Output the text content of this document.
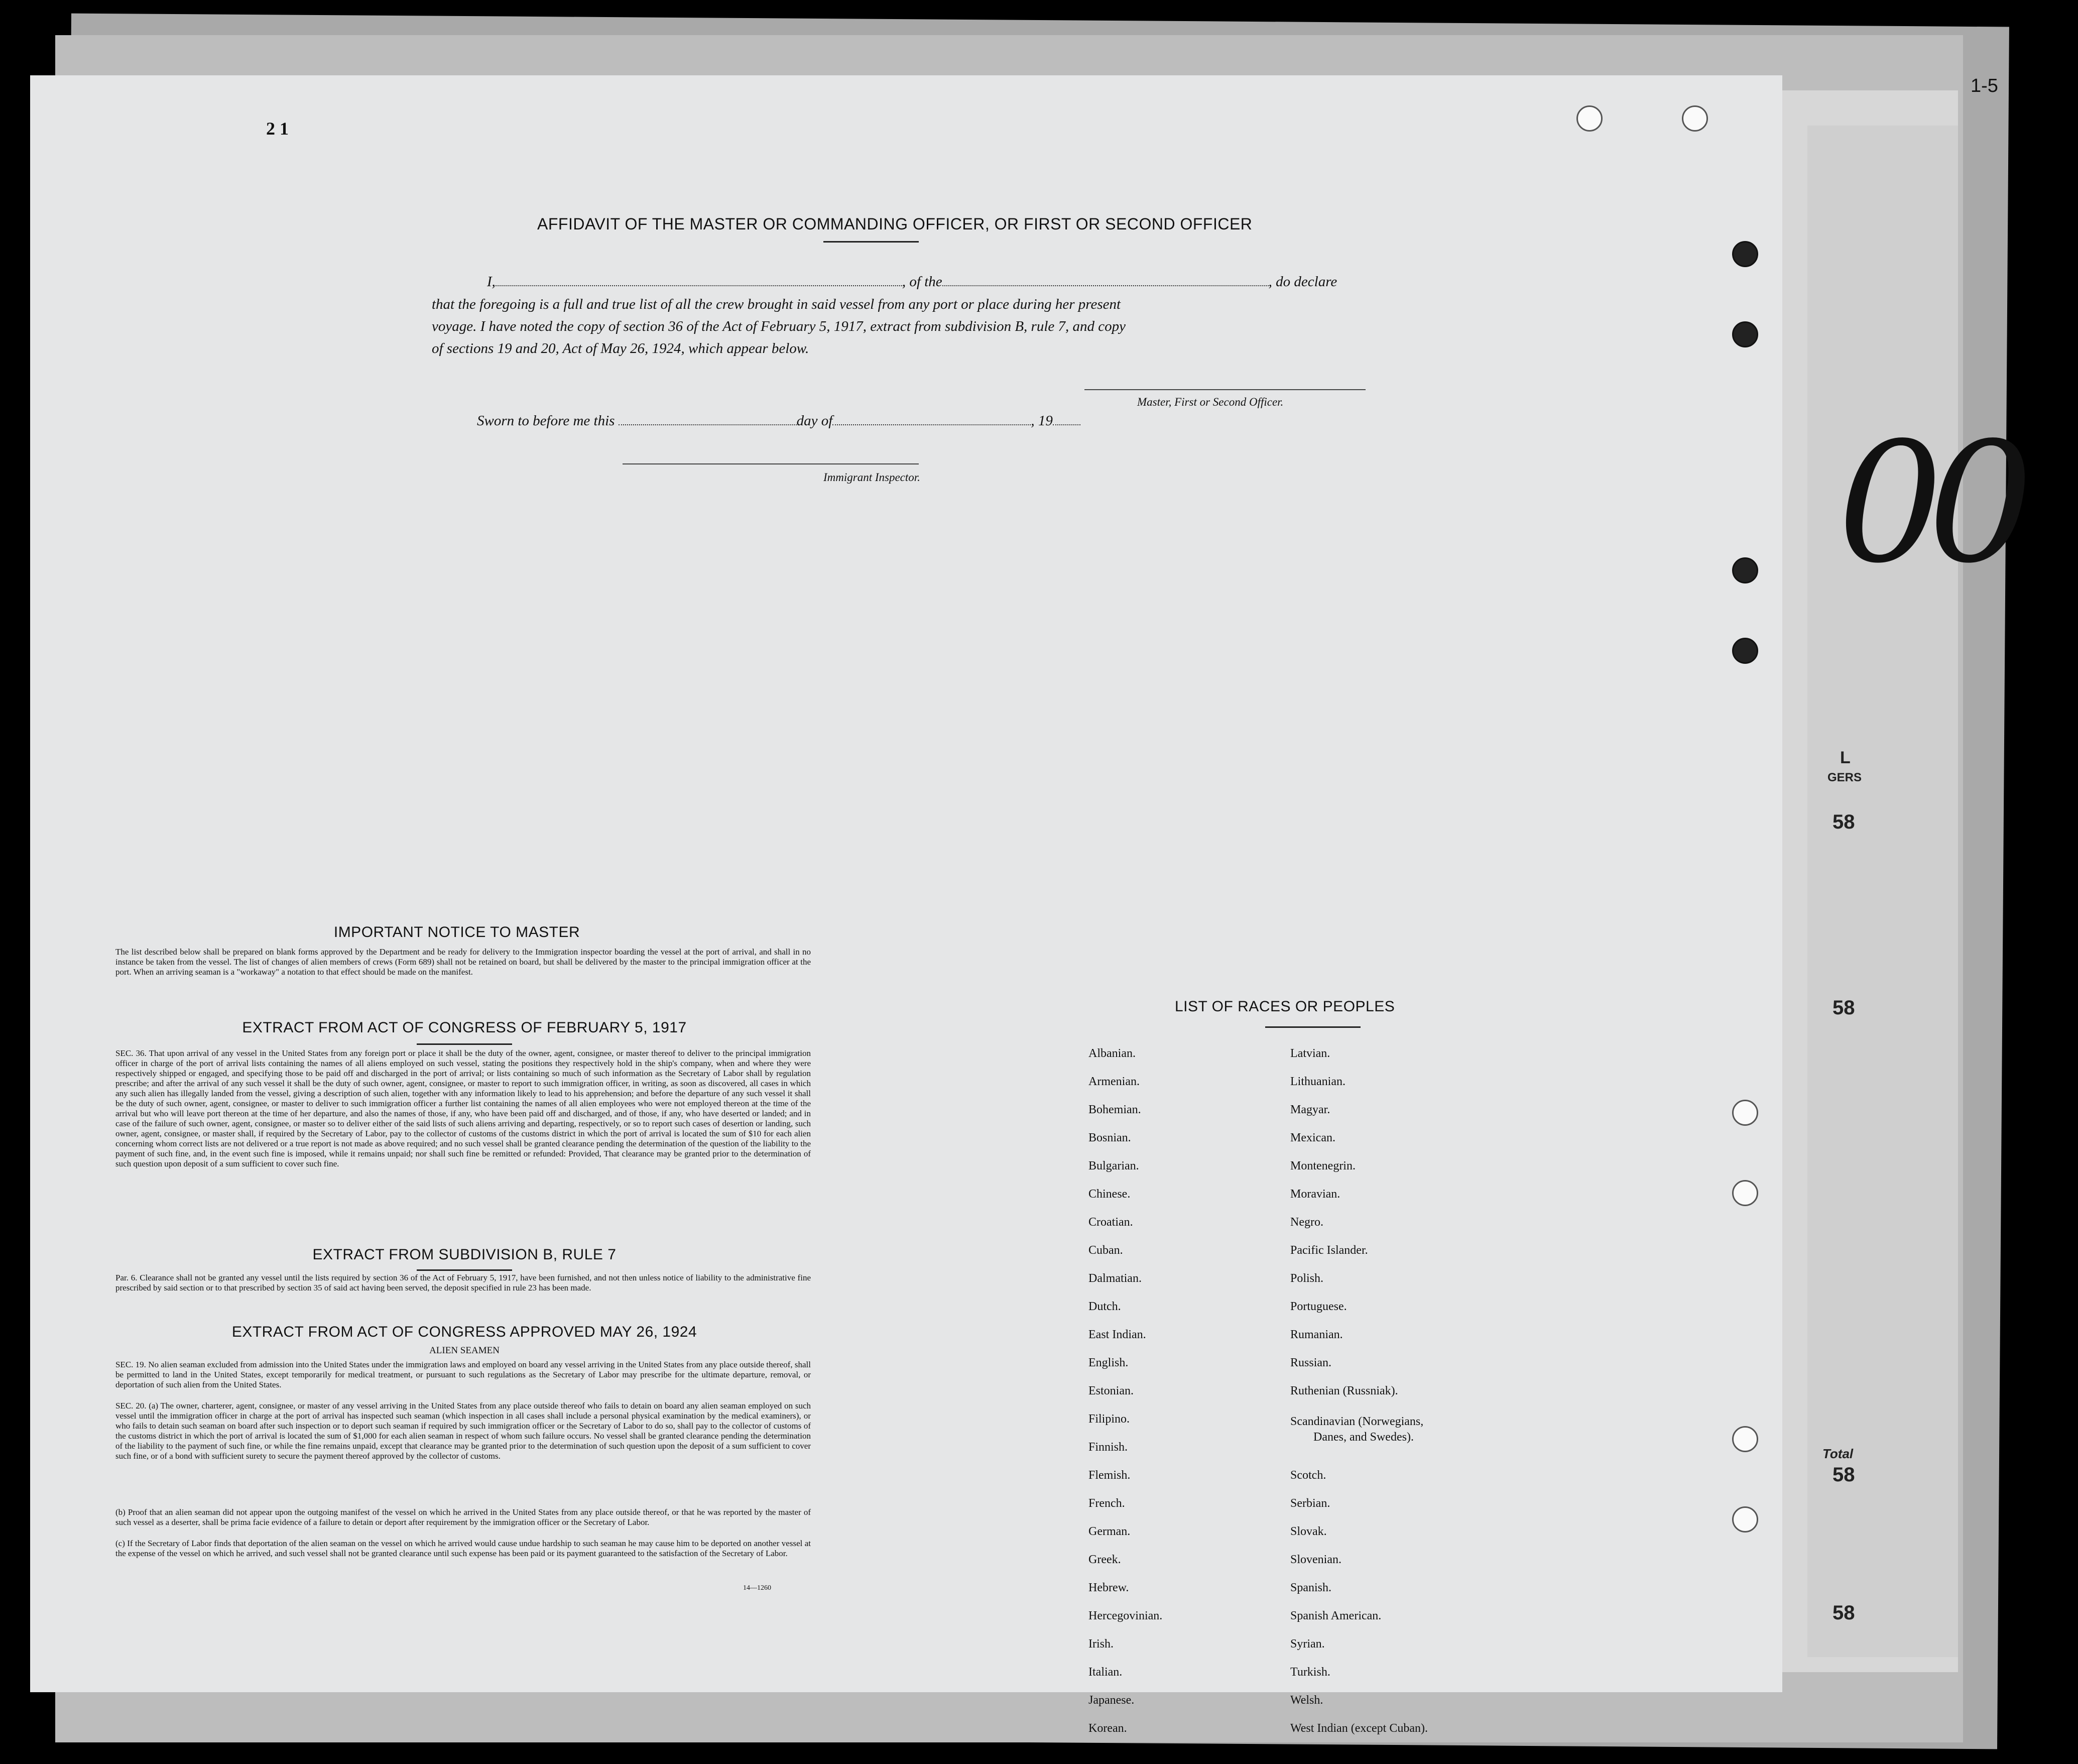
00
1-5
L
GERS
58
58
Total
58
58
2 1
AFFIDAVIT OF THE MASTER OR COMMANDING OFFICER, OR FIRST OR SECOND OFFICER
I,	, of the	, do declare
that the foregoing is a full and true list of all the crew brought in said vessel from any port or place during her present
voyage. I have noted the copy of section 36 of the Act of February 5, 1917, extract from subdivision B, rule 7, and copy
of sections 19 and 20, Act of May 26, 1924, which appear below.
Master, First or Second Officer.
Sworn to before me this	day of	, 19
Immigrant Inspector.
IMPORTANT NOTICE TO MASTER
The list described below shall be prepared on blank forms approved by the Department and be ready for delivery to the Immigration inspector boarding the vessel at the port of arrival, and shall in no instance be taken from the vessel. The list of changes of alien members of crews (Form 689) shall not be retained on board, but shall be delivered by the master to the principal immigration officer at the port. When an arriving seaman is a "workaway" a notation to that effect should be made on the manifest.
EXTRACT FROM ACT OF CONGRESS OF FEBRUARY 5, 1917
SEC. 36. That upon arrival of any vessel in the United States from any foreign port or place it shall be the duty of the owner, agent, consignee, or master thereof to deliver to the principal immigration officer in charge of the port of arrival lists containing the names of all aliens employed on such vessel, stating the positions they respectively hold in the ship's company, when and where they were respectively shipped or engaged, and specifying those to be paid off and discharged in the port of arrival; or lists containing so much of such information as the Secretary of Labor shall by regulation prescribe; and after the arrival of any such vessel it shall be the duty of such owner, agent, consignee, or master to report to such immigration officer, in writing, as soon as discovered, all cases in which any such alien has illegally landed from the vessel, giving a description of such alien, together with any information likely to lead to his apprehension; and before the departure of any such vessel it shall be the duty of such owner, agent, consignee, or master to deliver to such immigration officer a further list containing the names of all alien employees who were not employed thereon at the time of the arrival but who will leave port thereon at the time of her departure, and also the names of those, if any, who have been paid off and discharged, and of those, if any, who have deserted or landed; and in case of the failure of such owner, agent, consignee, or master so to deliver either of the said lists of such aliens arriving and departing, respectively, or so to report such cases of desertion or landing, such owner, agent, consignee, or master shall, if required by the Secretary of Labor, pay to the collector of customs of the customs district in which the port of arrival is located the sum of $10 for each alien concerning whom correct lists are not delivered or a true report is not made as above required; and no such vessel shall be granted clearance pending the determination of the question of the liability to the payment of such fine, and, in the event such fine is imposed, while it remains unpaid; nor shall such fine be remitted or refunded: Provided, That clearance may be granted prior to the determination of such question upon deposit of a sum sufficient to cover such fine.
EXTRACT FROM SUBDIVISION B, RULE 7
Par. 6. Clearance shall not be granted any vessel until the lists required by section 36 of the Act of February 5, 1917, have been furnished, and not then unless notice of liability to the administrative fine prescribed by said section or to that prescribed by section 35 of said act having been served, the deposit specified in rule 23 has been made.
EXTRACT FROM ACT OF CONGRESS APPROVED MAY 26, 1924
ALIEN SEAMEN
SEC. 19. No alien seaman excluded from admission into the United States under the immigration laws and employed on board any vessel arriving in the United States from any place outside thereof, shall be permitted to land in the United States, except temporarily for medical treatment, or pursuant to such regulations as the Secretary of Labor may prescribe for the ultimate departure, removal, or deportation of such alien from the United States.
SEC. 20. (a) The owner, charterer, agent, consignee, or master of any vessel arriving in the United States from any place outside thereof who fails to detain on board any alien seaman employed on such vessel until the immigration officer in charge at the port of arrival has inspected such seaman (which inspection in all cases shall include a personal physical examination by the medical examiners), or who fails to detain such seaman on board after such inspection or to deport such seaman if required by such immigration officer or the Secretary of Labor to do so, shall pay to the collector of customs of the customs district in which the port of arrival is located the sum of $1,000 for each alien seaman in respect of whom such failure occurs. No vessel shall be granted clearance pending the determination of the liability to the payment of such fine, or while the fine remains unpaid, except that clearance may be granted prior to the determination of such question upon the deposit of a sum sufficient to cover such fine, or of a bond with sufficient surety to secure the payment thereof approved by the collector of customs.
(b) Proof that an alien seaman did not appear upon the outgoing manifest of the vessel on which he arrived in the United States from any place outside thereof, or that he was reported by the master of such vessel as a deserter, shall be prima facie evidence of a failure to detain or deport after requirement by the immigration officer or the Secretary of Labor.
(c) If the Secretary of Labor finds that deportation of the alien seaman on the vessel on which he arrived would cause undue hardship to such seaman he may cause him to be deported on another vessel at the expense of the vessel on which he arrived, and such vessel shall not be granted clearance until such expense has been paid or its payment guaranteed to the satisfaction of the Secretary of Labor.
14—1260
LIST OF RACES OR PEOPLES
Albanian.
Armenian.
Bohemian.
Bosnian.
Bulgarian.
Chinese.
Croatian.
Cuban.
Dalmatian.
Dutch.
East Indian.
English.
Estonian.
Filipino.
Finnish.
Flemish.
French.
German.
Greek.
Hebrew.
Hercegovinian.
Irish.
Italian.
Japanese.
Korean.
Latvian.
Lithuanian.
Magyar.
Mexican.
Montenegrin.
Moravian.
Negro.
Pacific Islander.
Polish.
Portuguese.
Rumanian.
Russian.
Ruthenian (Russniak).
Scandinavian (Norwegians,
Danes, and Swedes).
Scotch.
Serbian.
Slovak.
Slovenian.
Spanish.
Spanish American.
Syrian.
Turkish.
Welsh.
West Indian (except Cuban).
